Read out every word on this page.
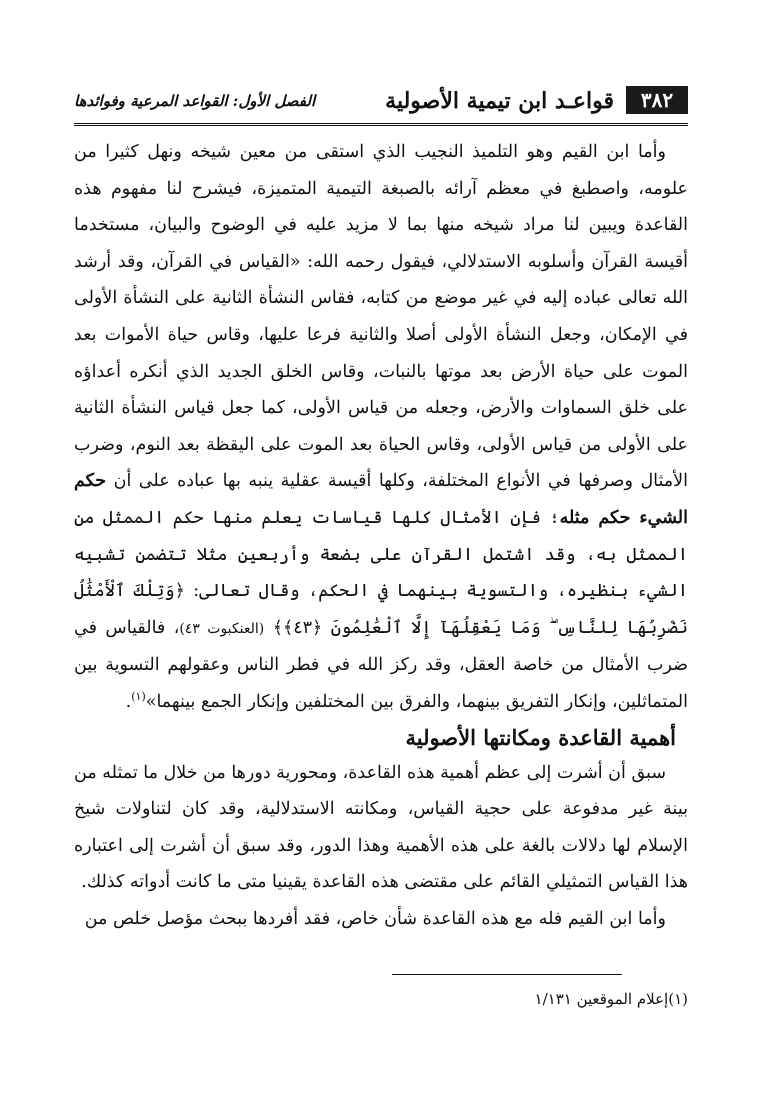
٣٨٢
قواعـد ابن تيمية الأصولية
الفصل الأول: القواعد المرعية وفوائدها

وأما ابن القيم وهو التلميذ النجيب الذي استقى من معين شيخه ونهل كثيرا من علومه، واصطبغ في معظم آرائه بالصبغة التيمية المتميزة، فيشرح لنا مفهوم هذه القاعدة ويبين لنا مراد شيخه منها بما لا مزيد عليه في الوضوح والبيان، مستخدما أقيسة القرآن وأسلوبه الاستدلالي، فيقول رحمه الله: «القياس في القرآن، وقد أرشد الله تعالى عباده إليه في غير موضع من كتابه، فقاس النشأة الثانية على النشأة الأولى في الإمكان، وجعل النشأة الأولى أصلا والثانية فرعا عليها، وقاس حياة الأموات بعد الموت على حياة الأرض بعد موتها بالنبات، وقاس الخلق الجديد الذي أنكره أعداؤه على خلق السماوات والأرض، وجعله من قياس الأولى، كما جعل قياس النشأة الثانية على الأولى من قياس الأولى، وقاس الحياة بعد الموت على اليقظة بعد النوم، وضرب الأمثال وصرفها في الأنواع المختلفة، وكلها أقيسة عقلية ينبه بها عباده على أن حكم الشيء حكم مثله؛ فإن الأمثال كلها قياسات يعلم منها حكم الممثل من الممثل به، وقد اشتمل القرآن على بضعة وأربعين مثلا تتضمن تشبيه الشيء بنظيره، والتسوية بينهما في الحكم، وقال تعالى: ﴿وَتِلْكَ ٱلْأَمْثَٰلُ نَضْرِبُهَا لِلنَّاسِ ۖ وَمَا يَعْقِلُهَآ إِلَّا ٱلْعَٰلِمُونَ ﴿٤٣﴾﴾ (العنكبوت ٤٣)، فالقياس في ضرب الأمثال من خاصة العقل، وقد ركز الله في فطر الناس وعقولهم التسوية بين المتماثلين، وإنكار التفريق بينهما، والفرق بين المختلفين وإنكار الجمع بينهما»$^{(١)}$.

أهمية القاعدة ومكانتها الأصولية

سبق أن أشرت إلى عظم أهمية هذه القاعدة، ومحورية دورها من خلال ما تمثله من بينة غير مدفوعة على حجية القياس، ومكانته الاستدلالية، وقد كان لتناولات شيخ الإسلام لها دلالات بالغة على هذه الأهمية وهذا الدور، وقد سبق أن أشرت إلى اعتباره هذا القياس التمثيلي القائم على مقتضى هذه القاعدة يقينيا متى ما كانت أدواته كذلك.

وأما ابن القيم فله مع هذه القاعدة شأن خاص، فقد أفردها ببحث مؤصل خلص من

(١)إعلام الموقعين ١/١٣١
